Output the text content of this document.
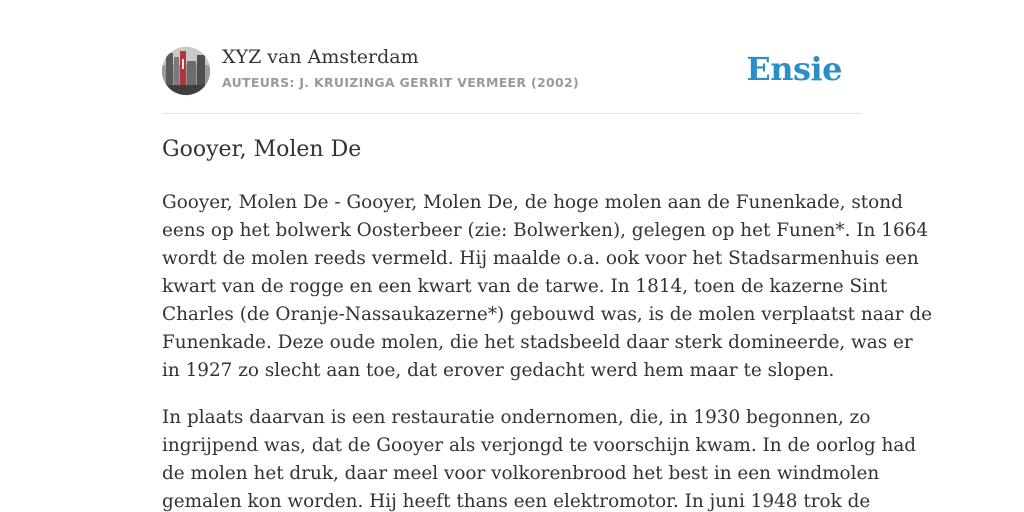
XYZ van Amsterdam
AUTEURS: J. KRUIZINGA GERRIT VERMEER (2002)	Ensie
Gooyer, Molen De

Gooyer, Molen De - Gooyer, Molen De, de hoge molen aan de Funenkade, stond
eens op het bolwerk Oosterbeer (zie: Bolwerken), gelegen op het Funen*. In 1664
wordt de molen reeds vermeld. Hij maalde o.a. ook voor het Stadsarmenhuis een
kwart van de rogge en een kwart van de tarwe. In 1814, toen de kazerne Sint
Charles (de Oranje-Nassaukazerne*) gebouwd was, is de molen verplaatst naar de
Funenkade. Deze oude molen, die het stadsbeeld daar sterk domineerde, was er
in 1927 zo slecht aan toe, dat erover gedacht werd hem maar te slopen.

In plaats daarvan is een restauratie ondernomen, die, in 1930 begonnen, zo
ingrijpend was, dat de Gooyer als verjongd te voorschijn kwam. In de oorlog had
de molen het druk, daar meel voor volkorenbrood het best in een windmolen
gemalen kon worden. Hij heeft thans een elektromotor. In juni 1948 trok de
